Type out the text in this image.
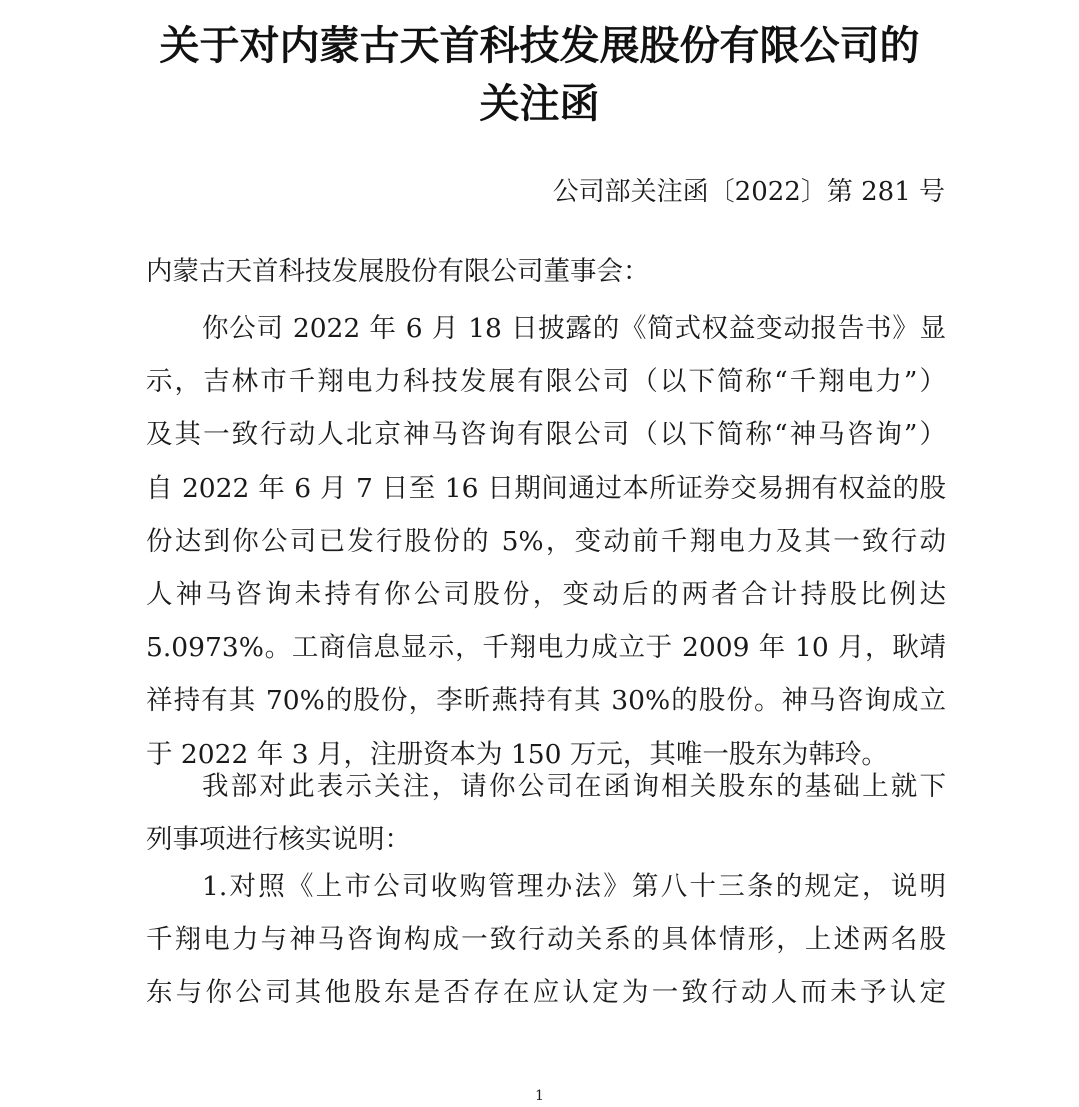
关于对内蒙古天首科技发展股份有限公司的
关注函
公司部关注函〔2022〕第 281 号
内蒙古天首科技发展股份有限公司董事会：
你公司 2022 年 6 月 18 日披露的《简式权益变动报告书》显
示，吉林市千翔电力科技发展有限公司（以下简称“千翔电力”）
及其一致行动人北京神马咨询有限公司（以下简称“神马咨询”）
自 2022 年 6 月 7 日至 16 日期间通过本所证券交易拥有权益的股
份达到你公司已发行股份的 5%，变动前千翔电力及其一致行动
人神马咨询未持有你公司股份，变动后的两者合计持股比例达
5.0973%。工商信息显示，千翔电力成立于 2009 年 10 月，耿靖
祥持有其 70%的股份，李昕燕持有其 30%的股份。神马咨询成立
于 2022 年 3 月，注册资本为 150 万元，其唯一股东为韩玲。
我部对此表示关注，请你公司在函询相关股东的基础上就下
列事项进行核实说明：
1.对照《上市公司收购管理办法》第八十三条的规定，说明
千翔电力与神马咨询构成一致行动关系的具体情形，上述两名股
东与你公司其他股东是否存在应认定为一致行动人而未予认定
1
